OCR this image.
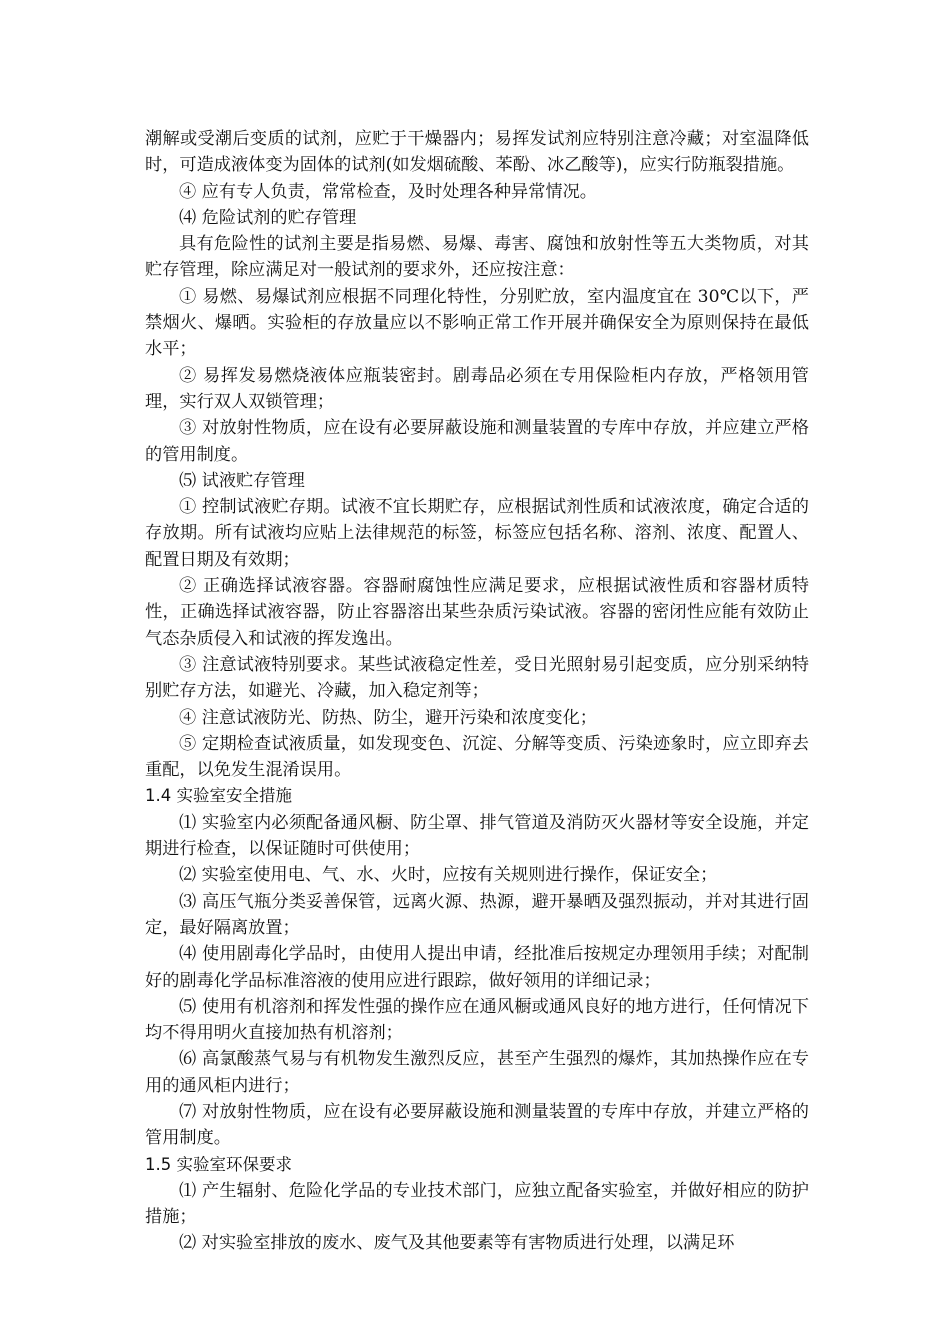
潮解或受潮后变质的试剂，应贮于干燥器内；易挥发试剂应特别注意冷藏；对室温降低时，可造成液体变为固体的试剂(如发烟硫酸、苯酚、冰乙酸等)，应实行防瓶裂措施。

④ 应有专人负责，常常检查，及时处理各种异常情况。

⑷ 危险试剂的贮存管理

具有危险性的试剂主要是指易燃、易爆、毒害、腐蚀和放射性等五大类物质，对其贮存管理，除应满足对一般试剂的要求外，还应按注意：

① 易燃、易爆试剂应根据不同理化特性，分别贮放，室内温度宜在 30℃以下，严禁烟火、爆晒。实验柜的存放量应以不影响正常工作开展并确保安全为原则保持在最低水平；

② 易挥发易燃烧液体应瓶装密封。剧毒品必须在专用保险柜内存放，严格领用管理，实行双人双锁管理；

③ 对放射性物质，应在设有必要屏蔽设施和测量装置的专库中存放，并应建立严格的管用制度。

⑸ 试液贮存管理

① 控制试液贮存期。试液不宜长期贮存，应根据试剂性质和试液浓度，确定合适的存放期。所有试液均应贴上法律规范的标签，标签应包括名称、溶剂、浓度、配置人、配置日期及有效期；

② 正确选择试液容器。容器耐腐蚀性应满足要求，应根据试液性质和容器材质特性，正确选择试液容器，防止容器溶出某些杂质污染试液。容器的密闭性应能有效防止气态杂质侵入和试液的挥发逸出。

③ 注意试液特别要求。某些试液稳定性差，受日光照射易引起变质，应分别采纳特别贮存方法，如避光、冷藏，加入稳定剂等；

④ 注意试液防光、防热、防尘，避开污染和浓度变化；

⑤ 定期检查试液质量，如发现变色、沉淀、分解等变质、污染迹象时，应立即弃去重配，以免发生混淆误用。

1.4 实验室安全措施

⑴ 实验室内必须配备通风橱、防尘罩、排气管道及消防灭火器材等安全设施，并定期进行检查，以保证随时可供使用；

⑵ 实验室使用电、气、水、火时，应按有关规则进行操作，保证安全；

⑶ 高压气瓶分类妥善保管，远离火源、热源，避开暴晒及强烈振动，并对其进行固定，最好隔离放置；

⑷ 使用剧毒化学品时，由使用人提出申请，经批准后按规定办理领用手续；对配制好的剧毒化学品标准溶液的使用应进行跟踪，做好领用的详细记录；

⑸ 使用有机溶剂和挥发性强的操作应在通风橱或通风良好的地方进行，任何情况下均不得用明火直接加热有机溶剂；

⑹ 高氯酸蒸气易与有机物发生激烈反应，甚至产生强烈的爆炸，其加热操作应在专用的通风柜内进行；

⑺ 对放射性物质，应在设有必要屏蔽设施和测量装置的专库中存放，并建立严格的管用制度。

1.5 实验室环保要求

⑴ 产生辐射、危险化学品的专业技术部门，应独立配备实验室，并做好相应的防护措施；

⑵ 对实验室排放的废水、废气及其他要素等有害物质进行处理，以满足环
